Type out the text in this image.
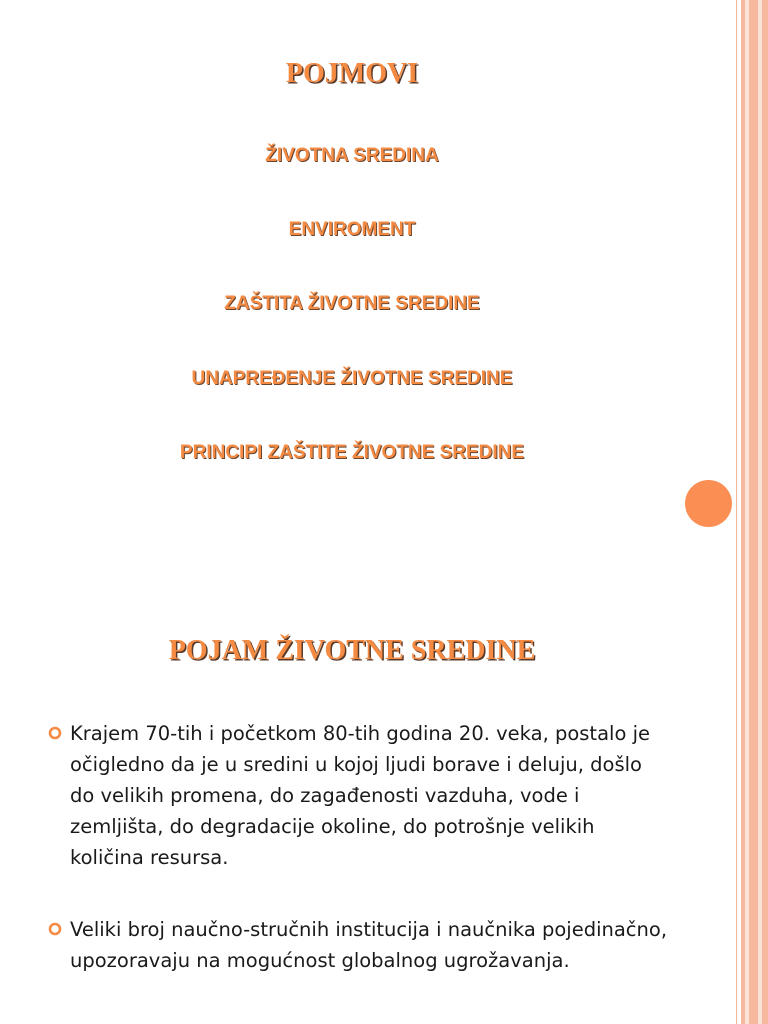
POJMOVI
ŽIVOTNA SREDINA
ENVIROMENT
ZAŠTITA ŽIVOTNE SREDINE
UNAPREĐENJE ŽIVOTNE SREDINE
PRINCIPI ZAŠTITE ŽIVOTNE SREDINE
POJAM ŽIVOTNE SREDINE

Krajem 70-tih i početkom 80-tih godina 20. veka, postalo je očigledno da je u sredini u kojoj ljudi borave i deluju, došlo do velikih promena, do zagađenosti vazduha, vode i zemljišta, do degradacije okoline, do potrošnje velikih količina resursa.

Veliki broj naučno-stručnih institucija i naučnika pojedinačno, upozoravaju na mogućnost globalnog ugrožavanja.
